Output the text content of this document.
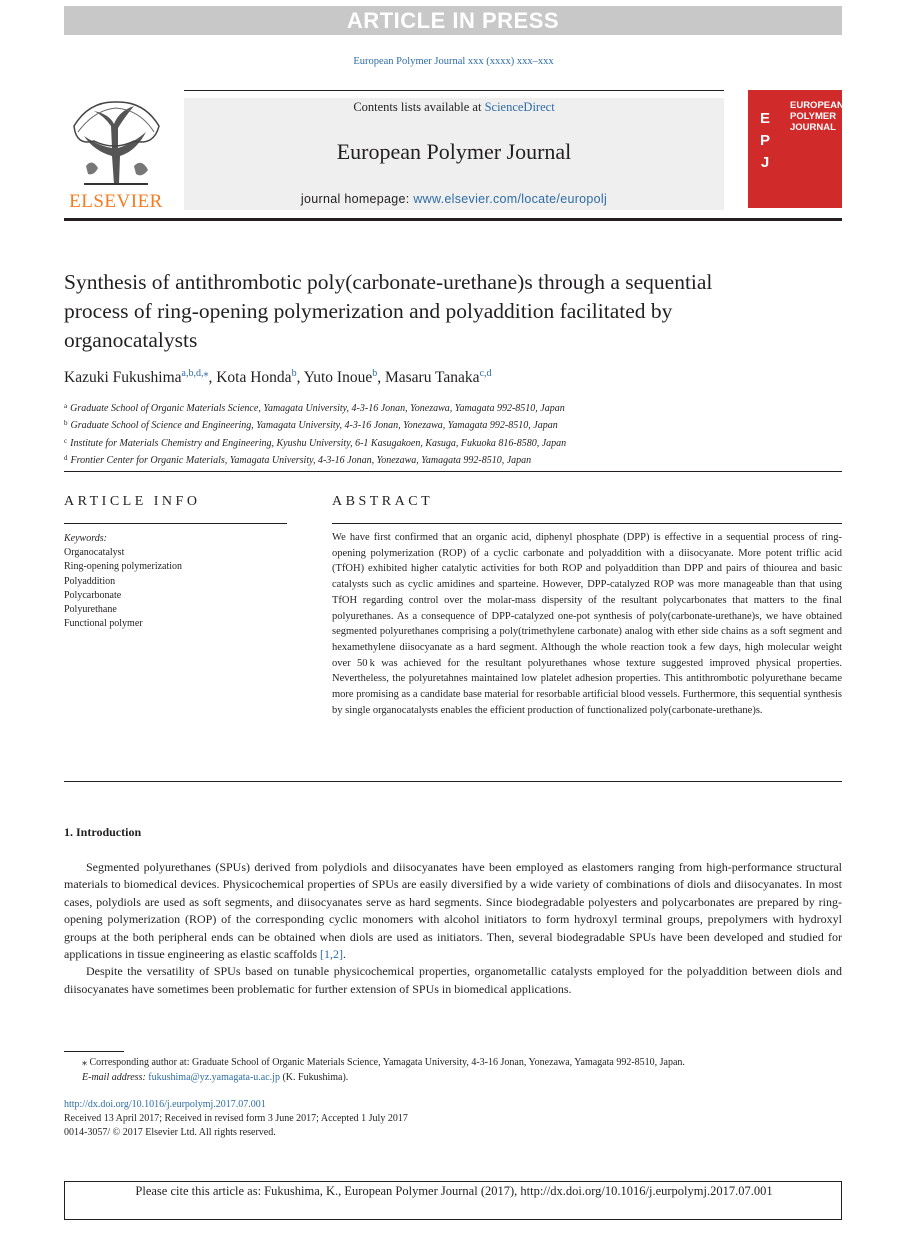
ARTICLE IN PRESS
European Polymer Journal xxx (xxxx) xxx–xxx
Contents lists available at ScienceDirect
European Polymer Journal
journal homepage: www.elsevier.com/locate/europolj
ELSEVIER
EUROPEAN
POLYMER
JOURNAL
E
P
J
Synthesis of antithrombotic poly(carbonate-urethane)s through a sequential process of ring-opening polymerization and polyaddition facilitated by organocatalysts
Kazuki Fukushima$^{a,b,d,⁎}$, Kota Honda$^b$, Yuto Inoue$^b$, Masaru Tanaka$^{c,d}$
$^a$ Graduate School of Organic Materials Science, Yamagata University, 4-3-16 Jonan, Yonezawa, Yamagata 992-8510, Japan
$^b$ Graduate School of Science and Engineering, Yamagata University, 4-3-16 Jonan, Yonezawa, Yamagata 992-8510, Japan
$^c$ Institute for Materials Chemistry and Engineering, Kyushu University, 6-1 Kasugakoen, Kasuga, Fukuoka 816-8580, Japan
$^d$ Frontier Center for Organic Materials, Yamagata University, 4-3-16 Jonan, Yonezawa, Yamagata 992-8510, Japan
ARTICLE INFO	ABSTRACT
Keywords:
Organocatalyst
Ring-opening polymerization
Polyaddition
Polycarbonate
Polyurethane
Functional polymer
We have first confirmed that an organic acid, diphenyl phosphate (DPP) is effective in a sequential process of ring-opening polymerization (ROP) of a cyclic carbonate and polyaddition with a diisocyanate. More potent triflic acid (TfOH) exhibited higher catalytic activities for both ROP and polyaddition than DPP and pairs of thiourea and basic catalysts such as cyclic amidines and sparteine. However, DPP-catalyzed ROP was more manageable than that using TfOH regarding control over the molar-mass dispersity of the resultant polycarbonates that matters to the final polyurethanes. As a consequence of DPP-catalyzed one-pot synthesis of poly(carbonate-urethane)s, we have obtained segmented polyurethanes comprising a poly(trimethylene carbonate) analog with ether side chains as a soft segment and hexamethylene diisocyanate as a hard segment. Although the whole reaction took a few days, high molecular weight over 50 k was achieved for the resultant polyurethanes whose texture suggested improved physical properties. Nevertheless, the polyuretahnes maintained low platelet adhesion properties. This antithrombotic polyurethane became more promising as a candidate base material for resorbable artificial blood vessels. Furthermore, this sequential synthesis by single organocatalysts enables the efficient production of functionalized poly(carbonate-urethane)s.
1. Introduction

Segmented polyurethanes (SPUs) derived from polydiols and diisocyanates have been employed as elastomers ranging from high-performance structural materials to biomedical devices. Physicochemical properties of SPUs are easily diversified by a wide variety of combinations of diols and diisocyanates. In most cases, polydiols are used as soft segments, and diisocyanates serve as hard segments. Since biodegradable polyesters and polycarbonates are prepared by ring-opening polymerization (ROP) of the corresponding cyclic monomers with alcohol initiators to form hydroxyl terminal groups, prepolymers with hydroxyl groups at the both peripheral ends can be obtained when diols are used as initiators. Then, several biodegradable SPUs have been developed and studied for applications in tissue engineering as elastic scaffolds [1,2].

Despite the versatility of SPUs based on tunable physicochemical properties, organometallic catalysts employed for the polyaddition between diols and diisocyanates have sometimes been problematic for further extension of SPUs in biomedical applications.

⁎ Corresponding author at: Graduate School of Organic Materials Science, Yamagata University, 4-3-16 Jonan, Yonezawa, Yamagata 992-8510, Japan.
E-mail address: fukushima@yz.yamagata-u.ac.jp (K. Fukushima).
http://dx.doi.org/10.1016/j.eurpolymj.2017.07.001
Received 13 April 2017; Received in revised form 3 June 2017; Accepted 1 July 2017
0014-3057/ © 2017 Elsevier Ltd. All rights reserved.
Please cite this article as: Fukushima, K., European Polymer Journal (2017), http://dx.doi.org/10.1016/j.eurpolymj.2017.07.001
